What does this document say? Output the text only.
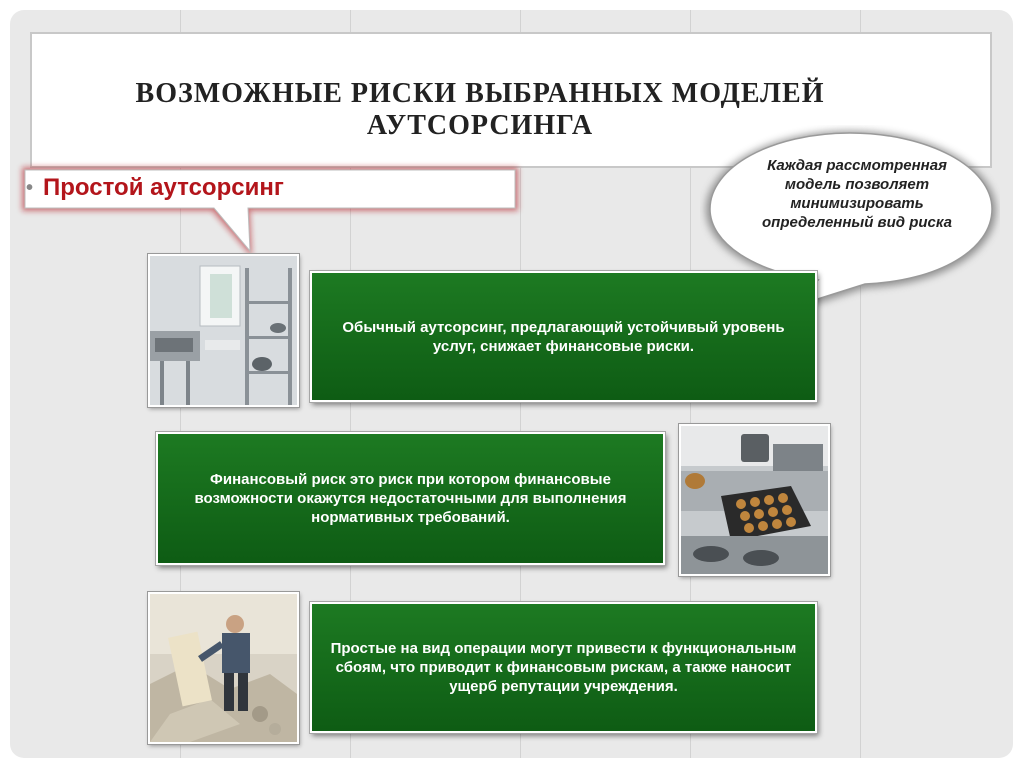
ВОЗМОЖНЫЕ РИСКИ ВЫБРАННЫХ МОДЕЛЕЙ АУТСОРСИНГА
• Простой аутсорсинг
Каждая рассмотренная модель позволяет минимизировать определенный вид риска
Обычный аутсорсинг, предлагающий устойчивый уровень услуг, снижает финансовые риски.
Финансовый риск это риск при котором финансовые возможности окажутся недостаточными для выполнения нормативных требований.
Простые на вид операции могут привести к функциональным сбоям, что приводит к финансовым рискам, а также наносит ущерб репутации учреждения.
